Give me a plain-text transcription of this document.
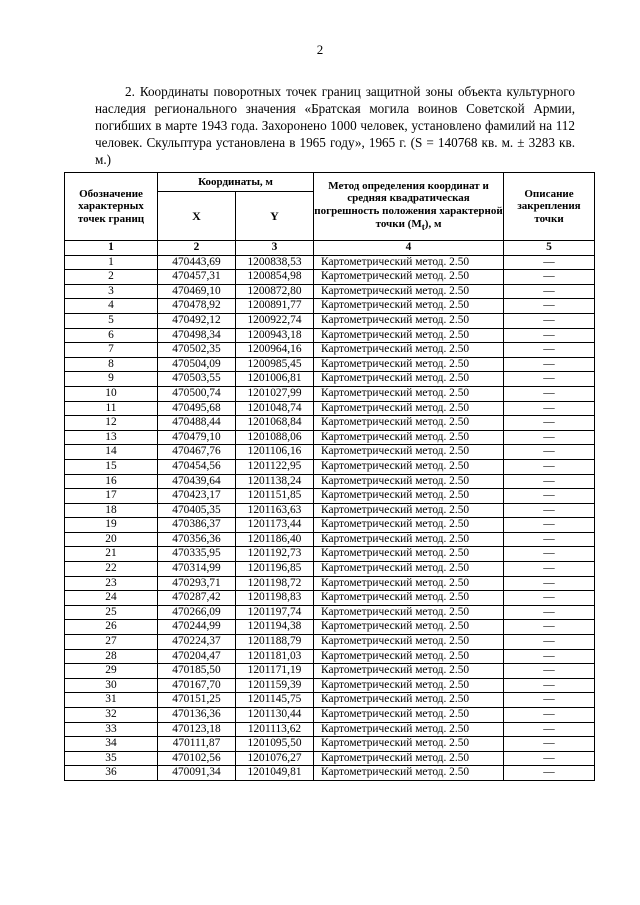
2

2. Координаты поворотных точек границ защитной зоны объекта культурного наследия регионального значения «Братская могила воинов Советской Армии, погибших в марте 1943 года. Захоронено 1000 человек, установлено фамилий на 112 человек. Скульптура установлена в 1965 году», 1965 г. (S = 140768 кв. м. ± 3283 кв. м.)

Обозначение характерных точек границ	Координаты, м		Метод определения координат и средняя квадратическая погрешность положения характерной точки $(M_t)$, м	Описание закрепления точки
	X	Y		
1	2	3	4	5
1	470443,69	1200838,53	Картометрический метод. 2.50	—
2	470457,31	1200854,98	Картометрический метод. 2.50	—
3	470469,10	1200872,80	Картометрический метод. 2.50	—
4	470478,92	1200891,77	Картометрический метод. 2.50	—
5	470492,12	1200922,74	Картометрический метод. 2.50	—
6	470498,34	1200943,18	Картометрический метод. 2.50	—
7	470502,35	1200964,16	Картометрический метод. 2.50	—
8	470504,09	1200985,45	Картометрический метод. 2.50	—
9	470503,55	1201006,81	Картометрический метод. 2.50	—
10	470500,74	1201027,99	Картометрический метод. 2.50	—
11	470495,68	1201048,74	Картометрический метод. 2.50	—
12	470488,44	1201068,84	Картометрический метод. 2.50	—
13	470479,10	1201088,06	Картометрический метод. 2.50	—
14	470467,76	1201106,16	Картометрический метод. 2.50	—
15	470454,56	1201122,95	Картометрический метод. 2.50	—
16	470439,64	1201138,24	Картометрический метод. 2.50	—
17	470423,17	1201151,85	Картометрический метод. 2.50	—
18	470405,35	1201163,63	Картометрический метод. 2.50	—
19	470386,37	1201173,44	Картометрический метод. 2.50	—
20	470356,36	1201186,40	Картометрический метод. 2.50	—
21	470335,95	1201192,73	Картометрический метод. 2.50	—
22	470314,99	1201196,85	Картометрический метод. 2.50	—
23	470293,71	1201198,72	Картометрический метод. 2.50	—
24	470287,42	1201198,83	Картометрический метод. 2.50	—
25	470266,09	1201197,74	Картометрический метод. 2.50	—
26	470244,99	1201194,38	Картометрический метод. 2.50	—
27	470224,37	1201188,79	Картометрический метод. 2.50	—
28	470204,47	1201181,03	Картометрический метод. 2.50	—
29	470185,50	1201171,19	Картометрический метод. 2.50	—
30	470167,70	1201159,39	Картометрический метод. 2.50	—
31	470151,25	1201145,75	Картометрический метод. 2.50	—
32	470136,36	1201130,44	Картометрический метод. 2.50	—
33	470123,18	1201113,62	Картометрический метод. 2.50	—
34	470111,87	1201095,50	Картометрический метод. 2.50	—
35	470102,56	1201076,27	Картометрический метод. 2.50	—
36	470091,34	1201049,81	Картометрический метод. 2.50	—
